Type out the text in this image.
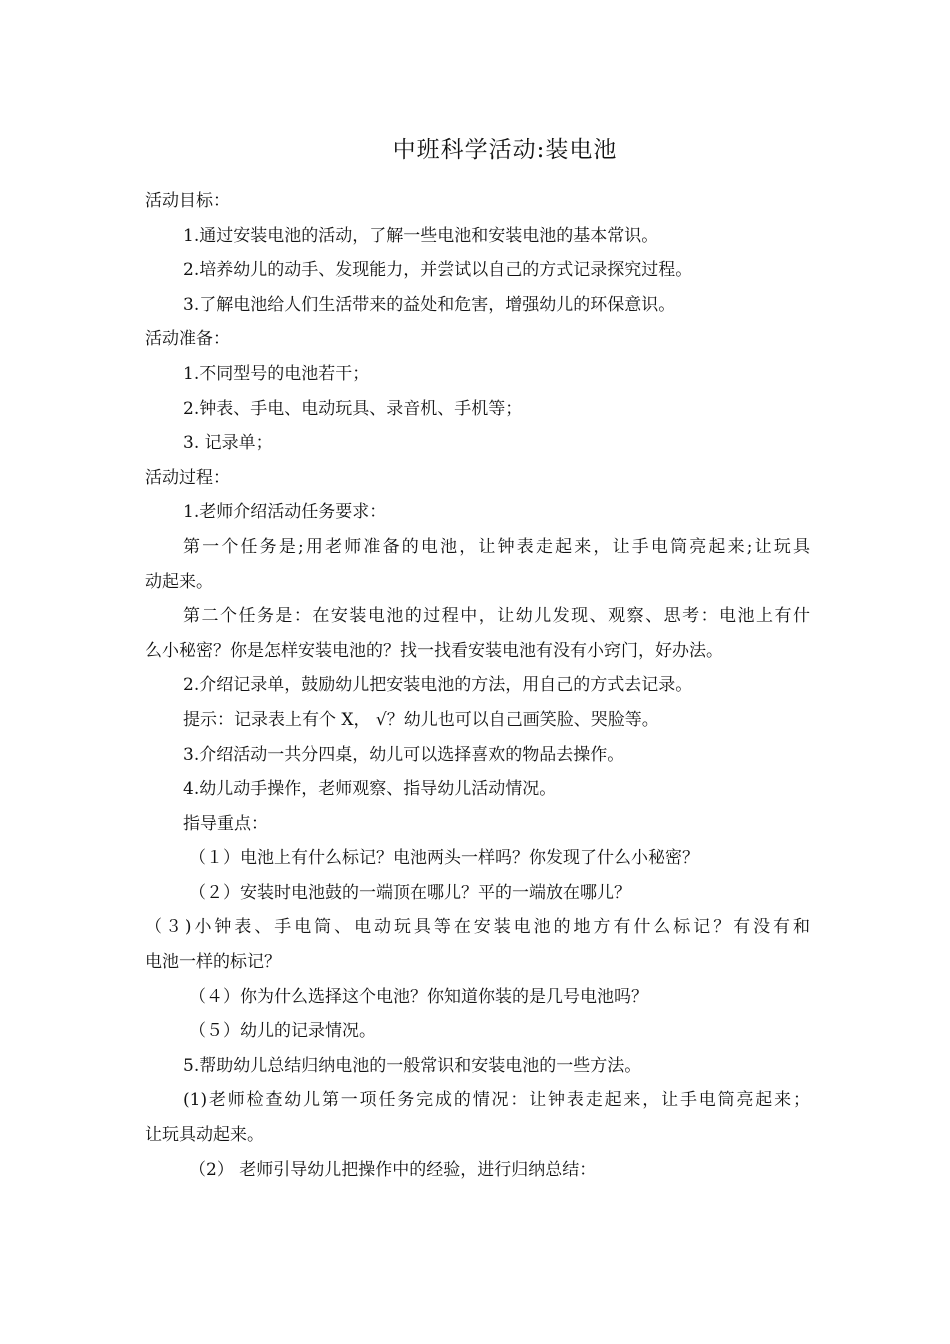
中班科学活动:装电池

活动目标：

1.通过安装电池的活动，了解一些电池和安装电池的基本常识。

2.培养幼儿的动手、发现能力，并尝试以自己的方式记录探究过程。

3.了解电池给人们生活带来的益处和危害，增强幼儿的环保意识。

活动准备：

1.不同型号的电池若干；

2.钟表、手电、电动玩具、录音机、手机等；

3. 记录单；

活动过程：

1.老师介绍活动任务要求：

第一个任务是;用老师准备的电池，让钟表走起来，让手电筒亮起来;让玩具

动起来。

第二个任务是：在安装电池的过程中，让幼儿发现、观察、思考：电池上有什

么小秘密？你是怎样安装电池的？找一找看安装电池有没有小窍门，好办法。

2.介绍记录单，鼓励幼儿把安装电池的方法，用自己的方式去记录。

提示：记录表上有个 X， √？幼儿也可以自己画笑脸、哭脸等。

3.介绍活动一共分四桌，幼儿可以选择喜欢的物品去操作。

4.幼儿动手操作，老师观察、指导幼儿活动情况。

指导重点：

（１）电池上有什么标记？电池两头一样吗？你发现了什么小秘密？

（２）安装时电池鼓的一端顶在哪儿？平的一端放在哪儿？

（３)小钟表、手电筒、电动玩具等在安装电池的地方有什么标记？有没有和

电池一样的标记？

（４）你为什么选择这个电池？你知道你装的是几号电池吗？

（５）幼儿的记录情况。

5.帮助幼儿总结归纳电池的一般常识和安装电池的一些方法。

(1)老师检查幼儿第一项任务完成的情况：让钟表走起来，让手电筒亮起来；

让玩具动起来。

（2） 老师引导幼儿把操作中的经验，进行归纳总结：
